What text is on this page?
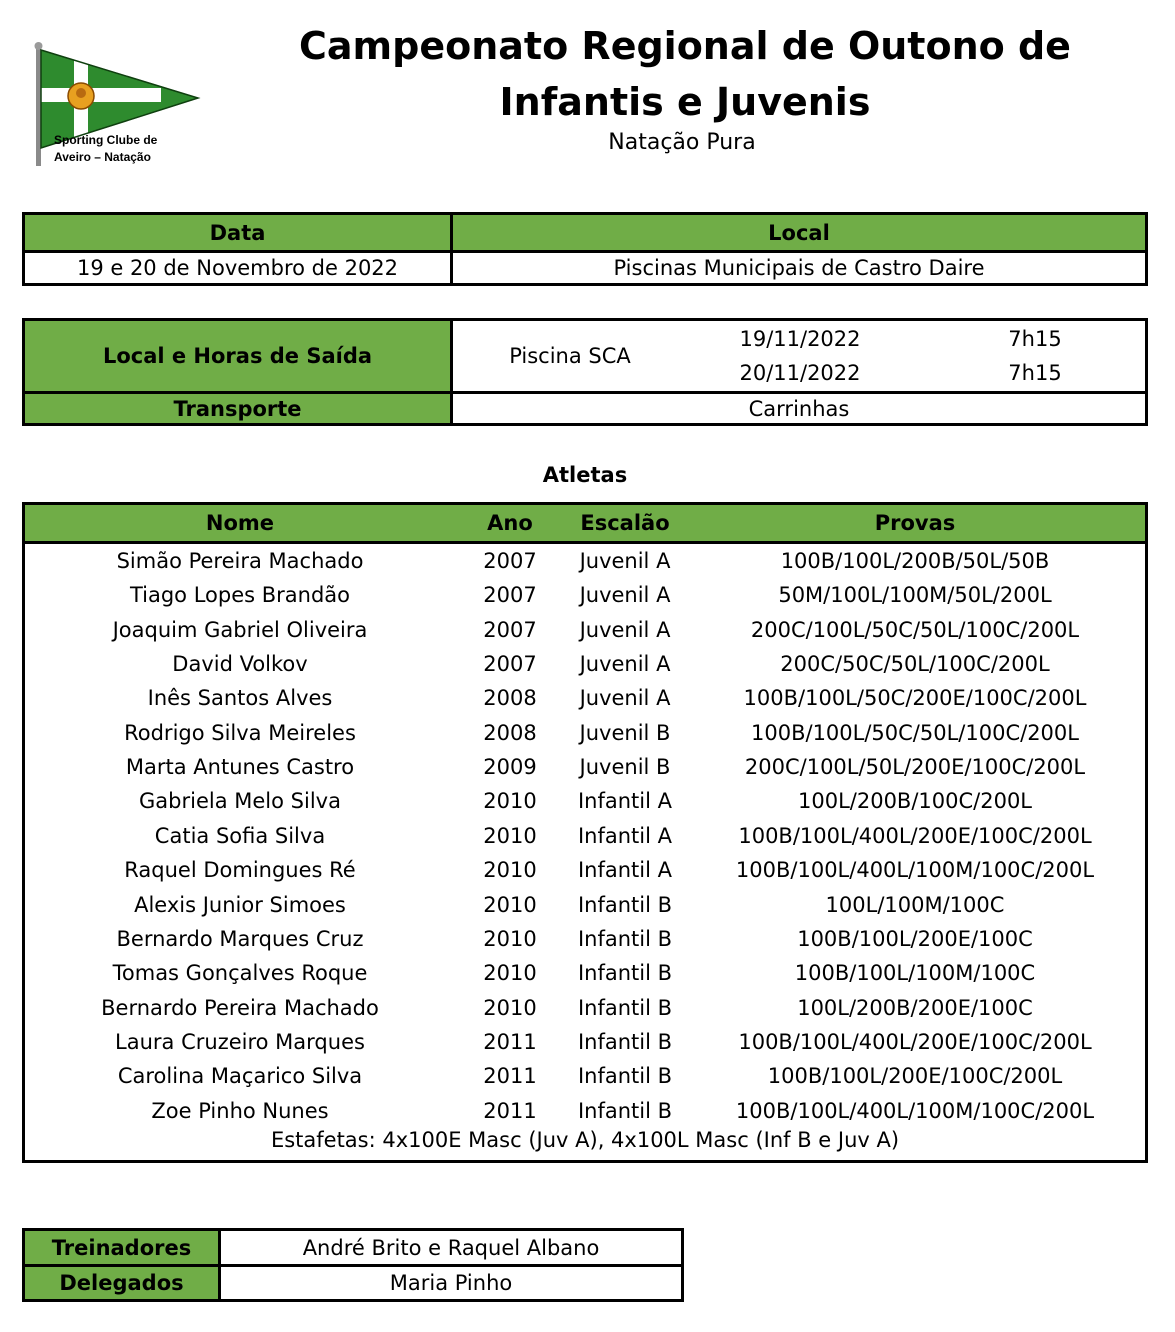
Sporting Clube de
Aveiro – Natação
Campeonato Regional de Outono de Infantis e Juvenis
Natação Pura
Data	Local
19 e 20 de Novembro de 2022	Piscinas Municipais de Castro Daire
Local e Horas de Saída	Piscina SCA
19/11/2022	7h15
20/11/2022	7h15
Transporte	Carrinhas
Atletas
Nome	Ano	Escalão	Provas
Simão Pereira Machado	2007	Juvenil A	100B/100L/200B/50L/50B
Tiago Lopes Brandão	2007	Juvenil A	50M/100L/100M/50L/200L
Joaquim Gabriel Oliveira	2007	Juvenil A	200C/100L/50C/50L/100C/200L
David Volkov	2007	Juvenil A	200C/50C/50L/100C/200L
Inês Santos Alves	2008	Juvenil A	100B/100L/50C/200E/100C/200L
Rodrigo Silva Meireles	2008	Juvenil B	100B/100L/50C/50L/100C/200L
Marta Antunes Castro	2009	Juvenil B	200C/100L/50L/200E/100C/200L
Gabriela Melo Silva	2010	Infantil A	100L/200B/100C/200L
Catia Sofia Silva	2010	Infantil A	100B/100L/400L/200E/100C/200L
Raquel Domingues Ré	2010	Infantil A	100B/100L/400L/100M/100C/200L
Alexis Junior Simoes	2010	Infantil B	100L/100M/100C
Bernardo Marques Cruz	2010	Infantil B	100B/100L/200E/100C
Tomas Gonçalves Roque	2010	Infantil B	100B/100L/100M/100C
Bernardo Pereira Machado	2010	Infantil B	100L/200B/200E/100C
Laura Cruzeiro Marques	2011	Infantil B	100B/100L/400L/200E/100C/200L
Carolina Maçarico Silva	2011	Infantil B	100B/100L/200E/100C/200L
Zoe Pinho Nunes	2011	Infantil B	100B/100L/400L/100M/100C/200L
Estafetas: 4x100E Masc (Juv A), 4x100L Masc (Inf B e Juv A)
Treinadores	André Brito e Raquel Albano
Delegados	Maria Pinho
